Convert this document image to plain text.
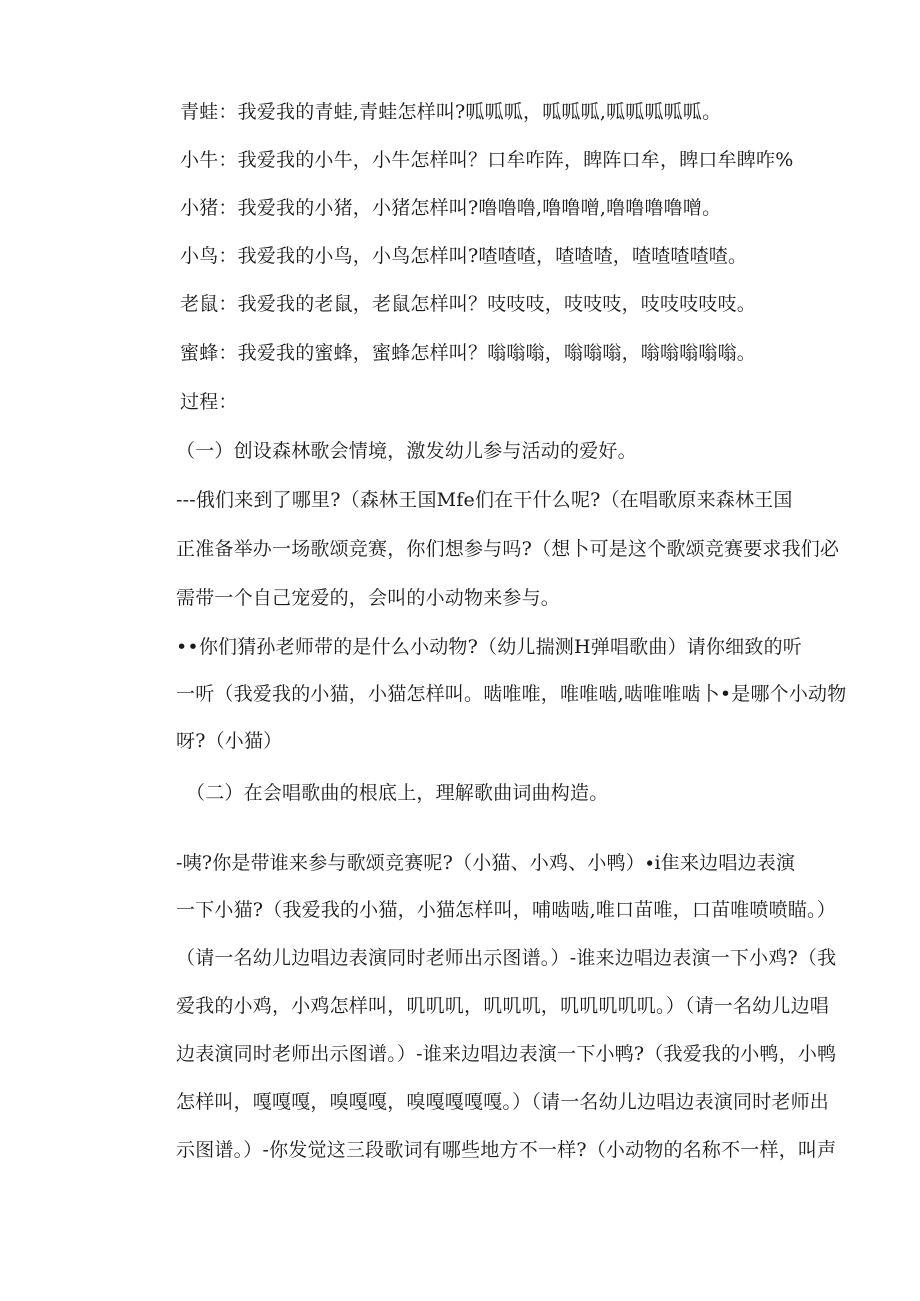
青蛙：我爱我的青蛙,青蛙怎样叫?呱呱呱，呱呱呱,呱呱呱呱呱。
小牛：我爱我的小牛，小牛怎样叫？口牟咋阵，睥阵口牟，睥口牟睥咋%
小猪：我爱我的小猪，小猪怎样叫?噜噜噜,噜噜噌,噜噜噜噜噌。
小鸟：我爱我的小鸟，小鸟怎样叫?喳喳喳，喳喳喳，喳喳喳喳喳。
老鼠：我爱我的老鼠，老鼠怎样叫？吱吱吱，吱吱吱，吱吱吱吱吱。
蜜蜂：我爱我的蜜蜂，蜜蜂怎样叫？嗡嗡嗡，嗡嗡嗡，嗡嗡嗡嗡嗡。
过程：
（一）创设森林歌会情境，激发幼儿参与活动的爱好。
---俄们来到了哪里?（森林王国Mfe们在干什么呢?（在唱歌原来森林王国
正准备举办一场歌颂竞赛，你们想参与吗?（想卜可是这个歌颂竞赛要求我们必
需带一个自己宠爱的，会叫的小动物来参与。
••你们猜孙老师带的是什么小动物?（幼儿揣测H弹唱歌曲）请你细致的听
一听（我爱我的小猫，小猫怎样叫。啮唯唯，唯唯啮,啮唯唯啮卜•是哪个小动物
呀?（小猫）
（二）在会唱歌曲的根底上，理解歌曲词曲构造。
-咦?你是带谁来参与歌颂竞赛呢?（小猫、小鸡、小鸭）∙i隹来边唱边表演
一下小猫?（我爱我的小猫，小猫怎样叫，哺啮啮,唯口苗唯，口苗唯喷喷瞄。）
（请一名幼儿边唱边表演同时老师出示图谱。）-谁来边唱边表演一下小鸡?（我
爱我的小鸡，小鸡怎样叫，叽叽叽，叽叽叽，叽叽叽叽叽。）（请一名幼儿边唱
边表演同时老师出示图谱。）-谁来边唱边表演一下小鸭?（我爱我的小鸭，小鸭
怎样叫，嘎嘎嘎，嗅嘎嘎，嗅嘎嘎嘎嘎。）（请一名幼儿边唱边表演同时老师出
示图谱。）-你发觉这三段歌词有哪些地方不一样?（小动物的名称不一样，叫声
